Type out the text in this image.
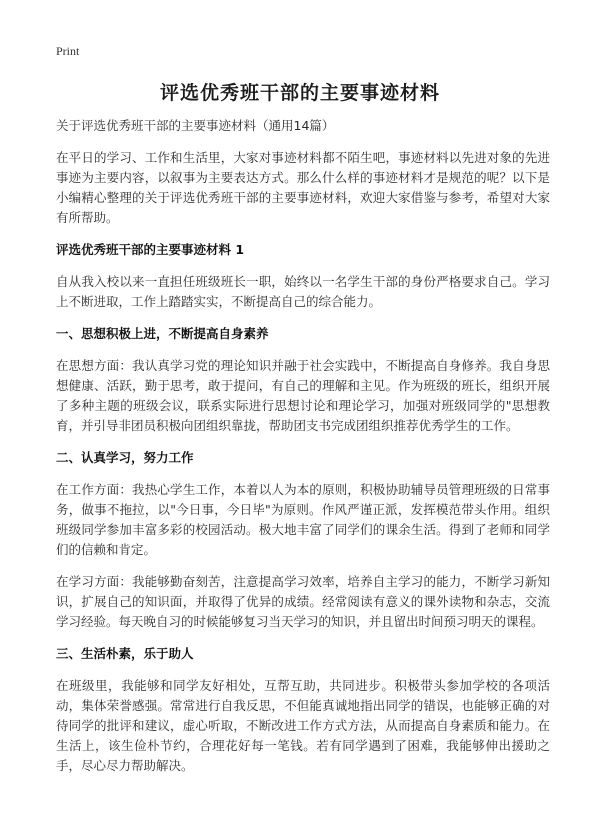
Print
评选优秀班干部的主要事迹材料

关于评选优秀班干部的主要事迹材料（通用14篇）

在平日的学习、工作和生活里，大家对事迹材料都不陌生吧，事迹材料以先进对象的先进事迹为主要内容，以叙事为主要表达方式。那么什么样的事迹材料才是规范的呢？以下是小编精心整理的关于评选优秀班干部的主要事迹材料，欢迎大家借鉴与参考，希望对大家有所帮助。

评选优秀班干部的主要事迹材料 1

自从我入校以来一直担任班级班长一职，始终以一名学生干部的身份严格要求自己。学习上不断进取，工作上踏踏实实，不断提高自己的综合能力。

一、思想积极上进，不断提高自身素养

在思想方面：我认真学习党的理论知识并融于社会实践中，不断提高自身修养。我自身思想健康、活跃，勤于思考，敢于提问，有自己的理解和主见。作为班级的班长，组织开展了多种主题的班级会议，联系实际进行思想讨论和理论学习，加强对班级同学的"思想教育，并引导非团员积极向团组织靠拢，帮助团支书完成团组织推荐优秀学生的工作。

二、认真学习，努力工作

在工作方面：我热心学生工作，本着以人为本的原则，积极协助辅导员管理班级的日常事务，做事不拖拉，以"今日事，今日毕"为原则。作风严谨正派，发挥模范带头作用。组织班级同学参加丰富多彩的校园活动。极大地丰富了同学们的课余生活。得到了老师和同学们的信赖和肯定。

在学习方面：我能够勤奋刻苦，注意提高学习效率，培养自主学习的能力，不断学习新知识，扩展自己的知识面，并取得了优异的成绩。经常阅读有意义的课外读物和杂志，交流学习经验。每天晚自习的时候能够复习当天学习的知识，并且留出时间预习明天的课程。

三、生活朴素，乐于助人

在班级里，我能够和同学友好相处，互帮互助，共同进步。积极带头参加学校的各项活动，集体荣誉感强。常常进行自我反思，不但能真诚地指出同学的错误，也能够正确的对待同学的批评和建议，虚心听取，不断改进工作方式方法，从而提高自身素质和能力。在生活上，该生俭朴节约，合理花好每一笔钱。若有同学遇到了困难，我能够伸出援助之手，尽心尽力帮助解决。
